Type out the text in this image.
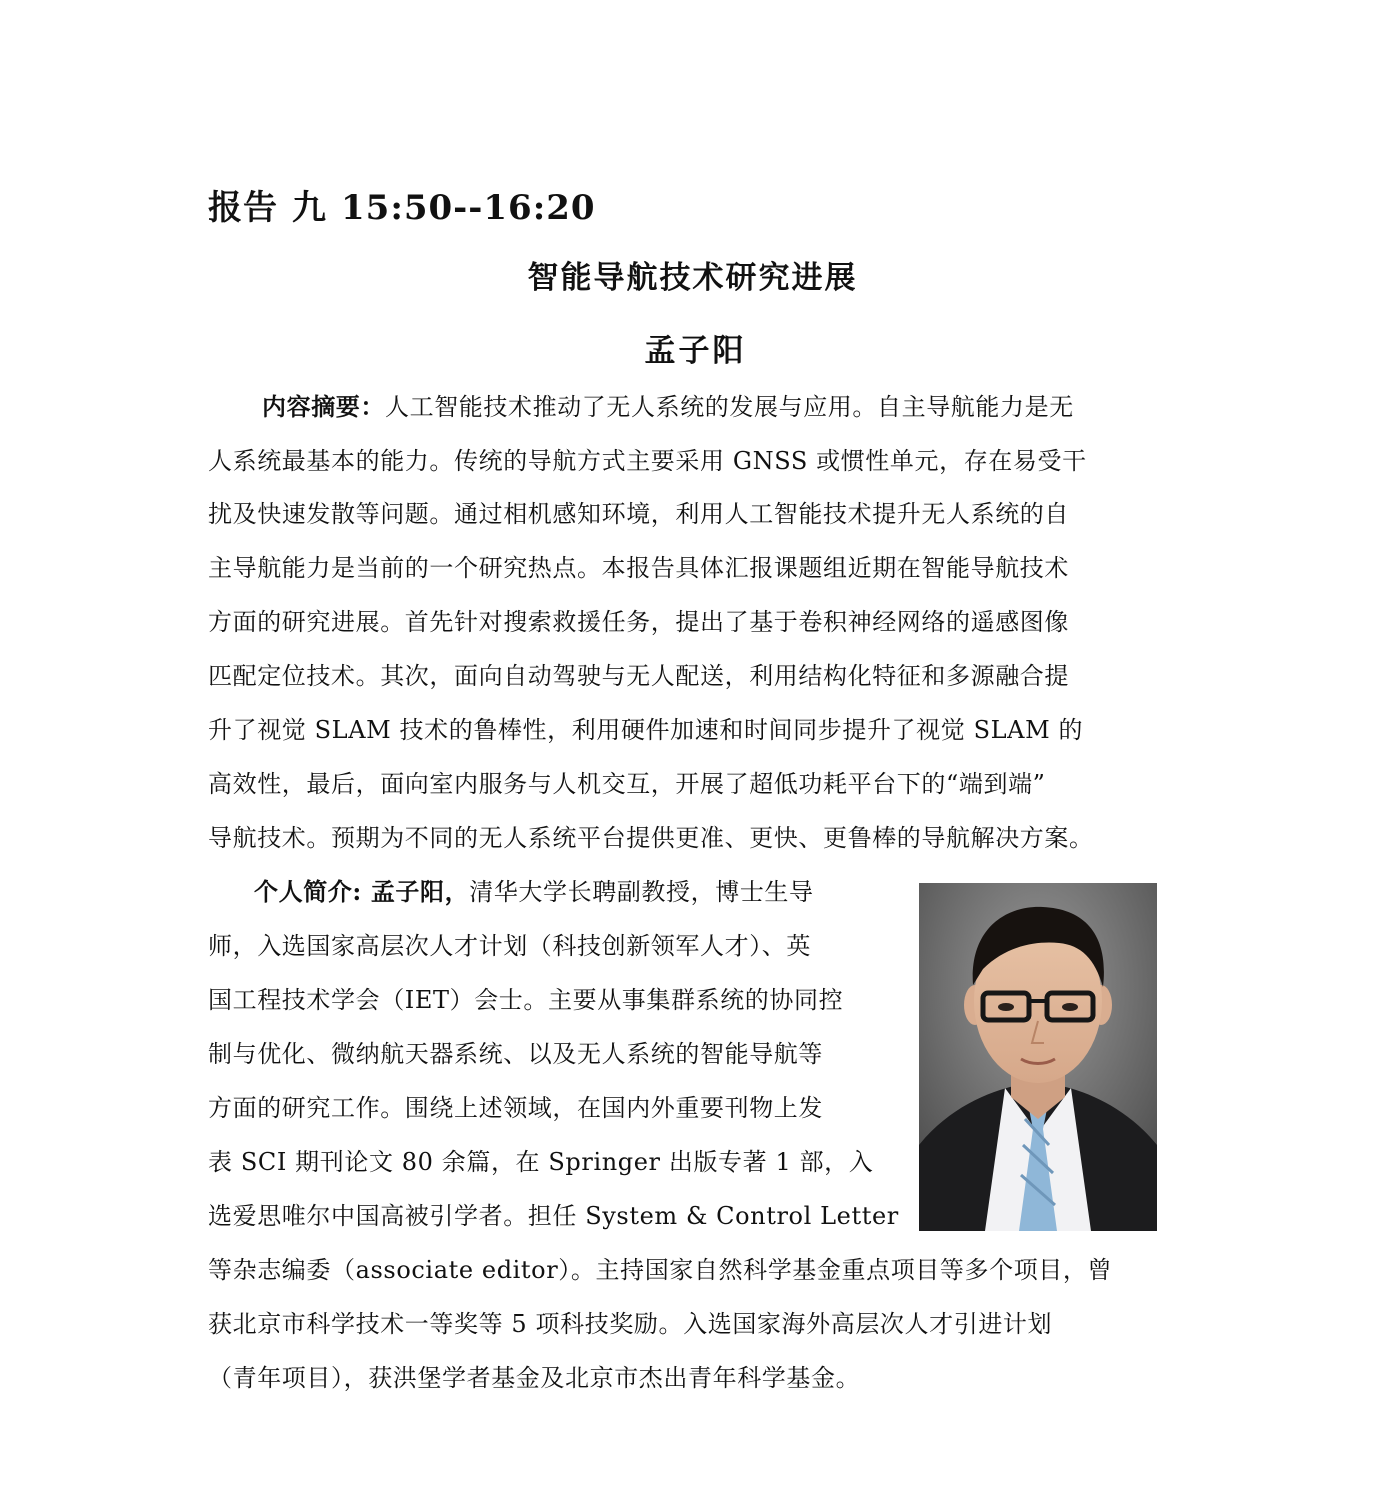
报告 九 15:50--16:20
智能导航技术研究进展
孟子阳
内容摘要：人工智能技术推动了无人系统的发展与应用。自主导航能力是无
人系统最基本的能力。传统的导航方式主要采用 GNSS 或惯性单元，存在易受干
扰及快速发散等问题。通过相机感知环境，利用人工智能技术提升无人系统的自
主导航能力是当前的一个研究热点。本报告具体汇报课题组近期在智能导航技术
方面的研究进展。首先针对搜索救援任务，提出了基于卷积神经网络的遥感图像
匹配定位技术。其次，面向自动驾驶与无人配送，利用结构化特征和多源融合提
升了视觉 SLAM 技术的鲁棒性，利用硬件加速和时间同步提升了视觉 SLAM 的
高效性，最后，面向室内服务与人机交互，开展了超低功耗平台下的“端到端”
导航技术。预期为不同的无人系统平台提供更准、更快、更鲁棒的导航解决方案。
个人简介: 孟子阳，清华大学长聘副教授，博士生导
师，入选国家高层次人才计划（科技创新领军人才）、英
国工程技术学会（IET）会士。主要从事集群系统的协同控
制与优化、微纳航天器系统、以及无人系统的智能导航等
方面的研究工作。围绕上述领域，在国内外重要刊物上发
表 SCI 期刊论文 80 余篇，在 Springer 出版专著 1 部，入
选爱思唯尔中国高被引学者。担任 System & Control Letter
等杂志编委（associate editor）。主持国家自然科学基金重点项目等多个项目，曾
获北京市科学技术一等奖等 5 项科技奖励。入选国家海外高层次人才引进计划
（青年项目），获洪堡学者基金及北京市杰出青年科学基金。
